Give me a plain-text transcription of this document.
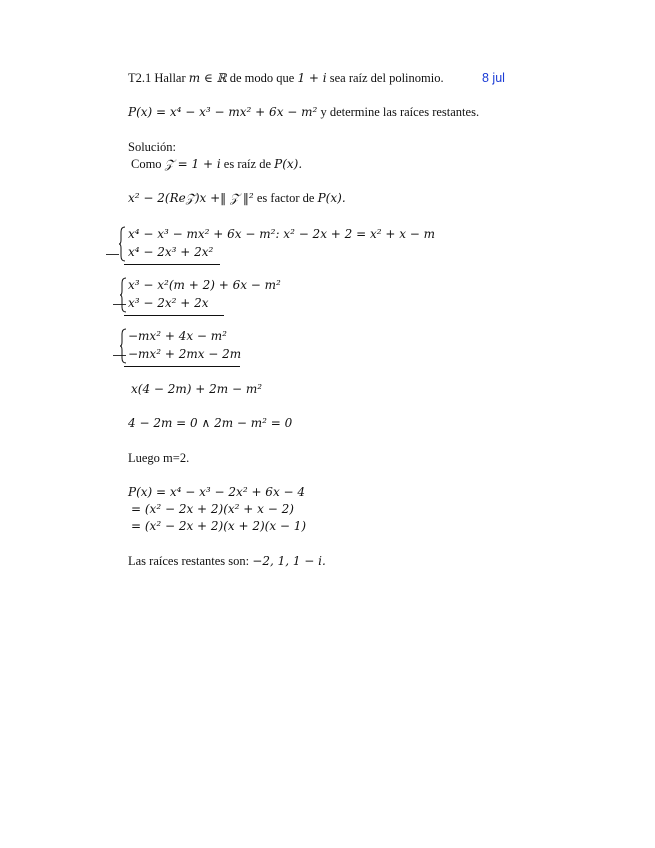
T2.1 Hallar m ∈ ℝ de modo que 1 + i sea raíz del polinomio.	8 jul
P(x) = x⁴ − x³ − mx² + 6x − m² y determine las raíces restantes.
Solución:
Como 𝒵 = 1 + i es raíz de P(x).
x² − 2(Re𝒵)x +‖ 𝒵 ‖² es factor de P(x).
—
x⁴ − x³ − mx² + 6x − m²: x² − 2x + 2 = x² + x − m
x⁴ − 2x³ + 2x²
—
x³ − x²(m + 2) + 6x − m²
x³ − 2x² + 2x
—
−mx² + 4x − m²
−mx² + 2mx − 2m
x(4 − 2m) + 2m − m²
4 − 2m = 0 ∧ 2m − m² = 0
Luego m=2.
P(x) = x⁴ − x³ − 2x² + 6x − 4
= (x² − 2x + 2)(x² + x − 2)
= (x² − 2x + 2)(x + 2)(x − 1)
Las raíces restantes son: −2, 1, 1 − i.
